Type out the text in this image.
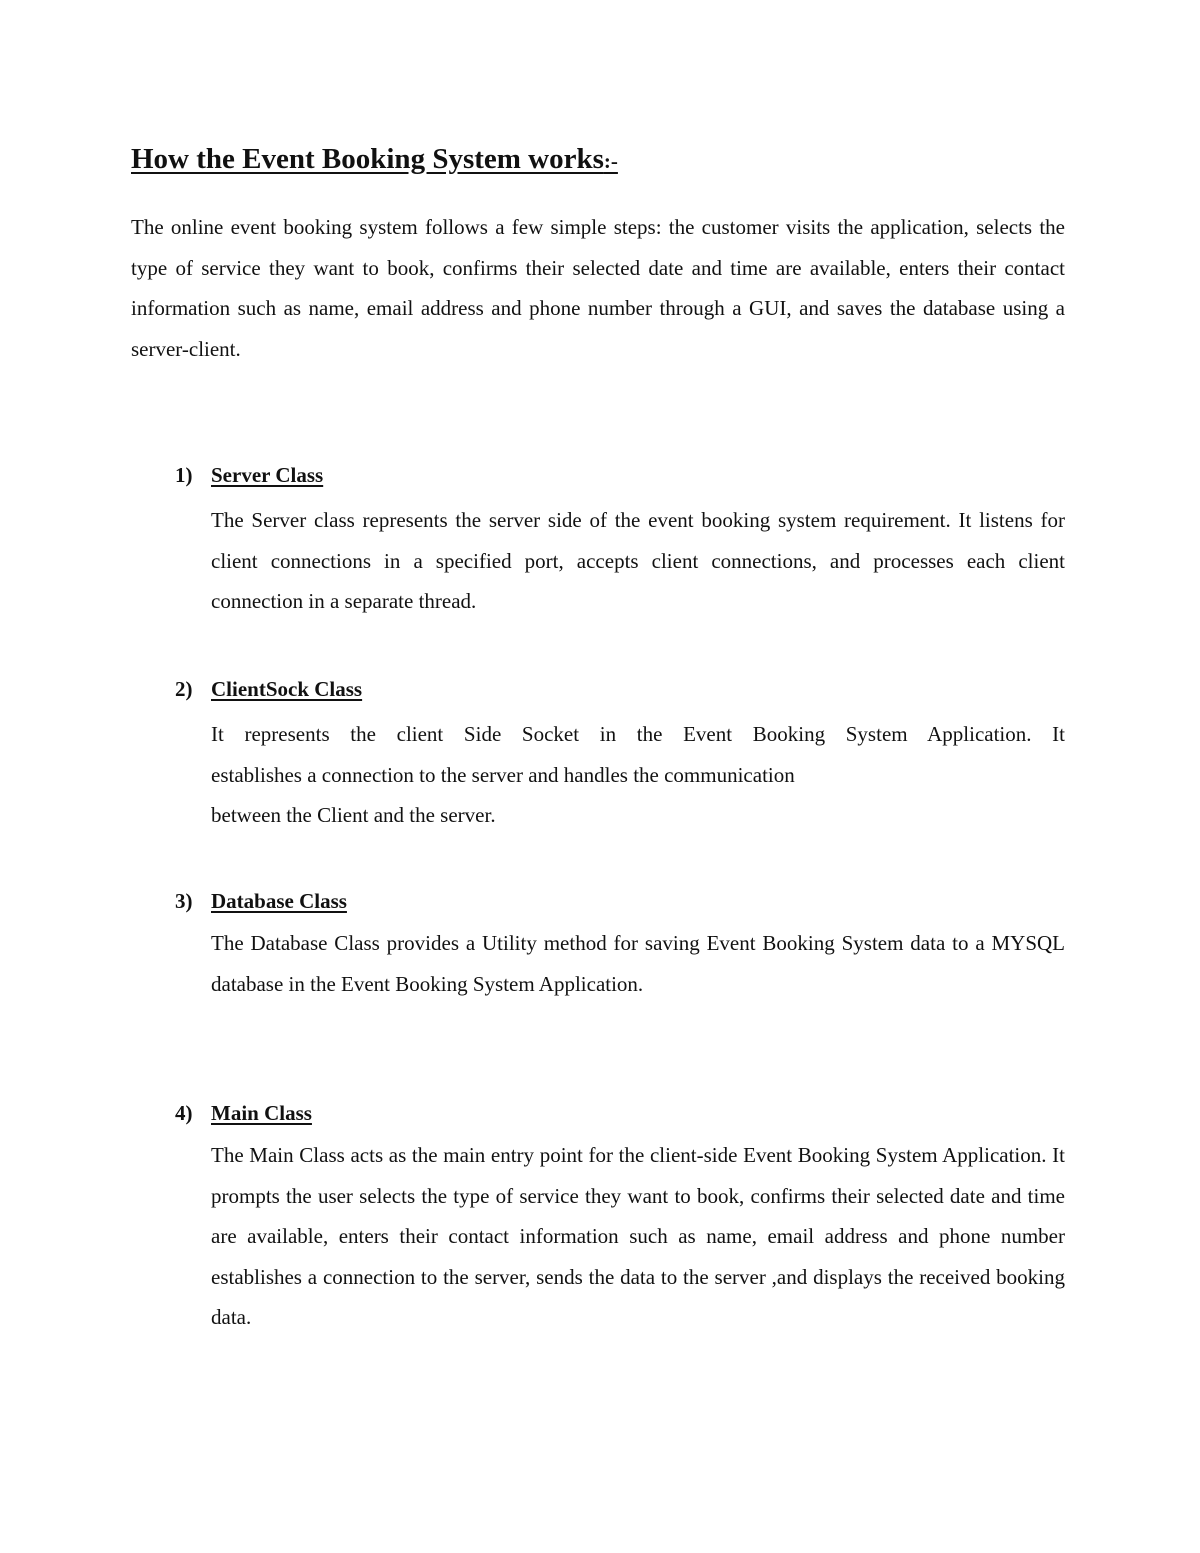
How the Event Booking System works:-

The online event booking system follows a few simple steps: the customer visits the application, selects the type of service they want to book, confirms their selected date and time are available, enters their contact information such as name, email address and phone number through a GUI, and saves the database using a server-client.

1) Server Class

The Server class represents the server side of the event booking system requirement. It listens for client connections in a specified port, accepts client connections, and processes each client connection in a separate thread.

2) ClientSock Class
It represents the client Side Socket in the Event Booking System Application. It
establishes a connection to the server and handles the communication
between the Client and the server.
3) Database Class

The Database Class provides a Utility method for saving Event Booking System data to a MYSQL database in the Event Booking System Application.

4) Main Class

The Main Class acts as the main entry point for the client-side Event Booking System Application. It prompts the user selects the type of service they want to book, confirms their selected date and time are available, enters their contact information such as name, email address and phone number establishes a connection to the server, sends the data to the server ,and displays the received booking data.
